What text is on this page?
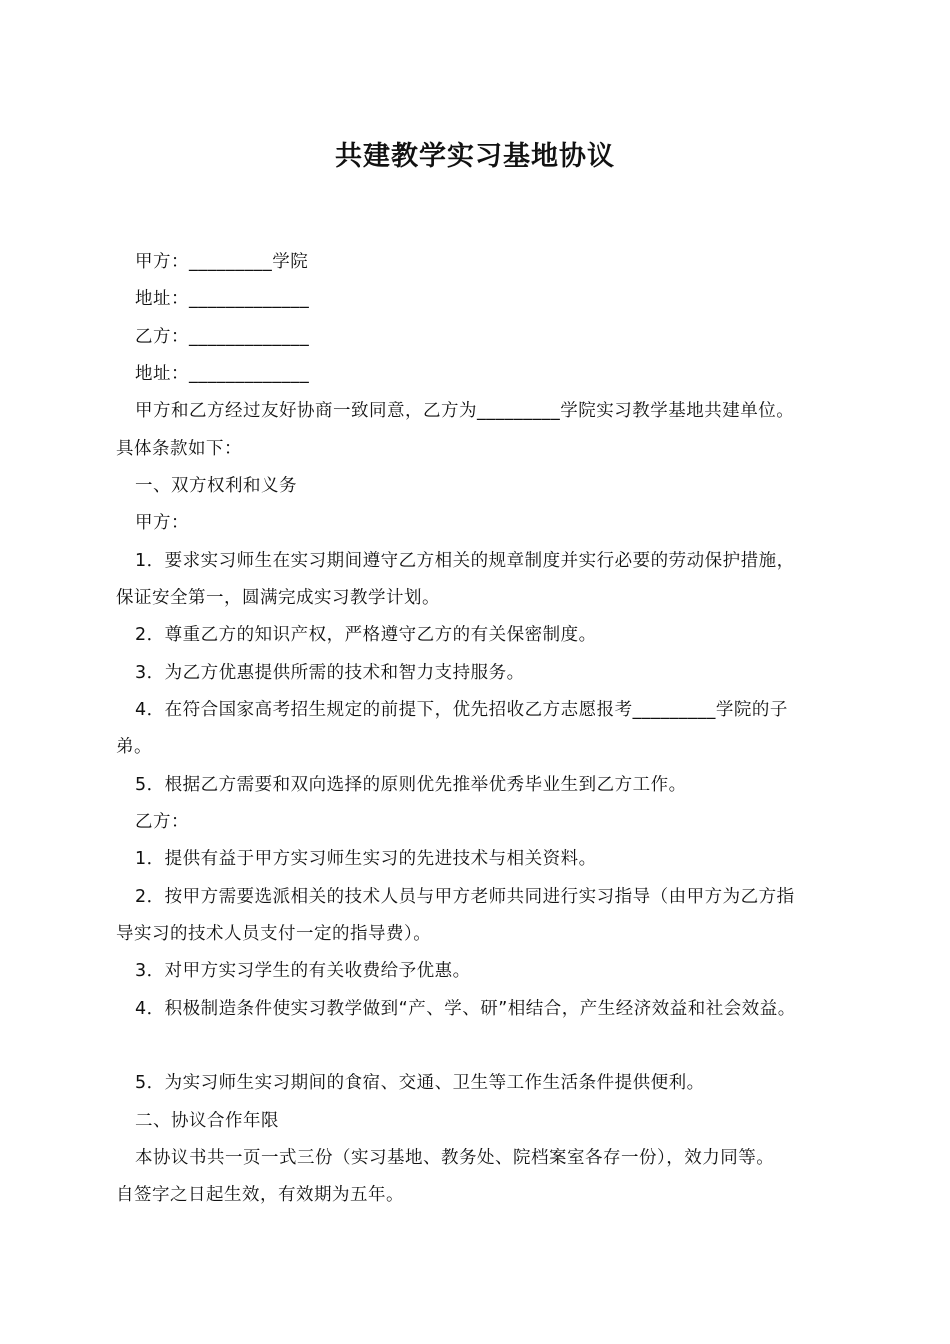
共建教学实习基地协议
甲方：_________学院
地址：_____________
乙方：_____________
地址：_____________
甲方和乙方经过友好协商一致同意，乙方为_________学院实习教学基地共建单位。
具体条款如下：
一、双方权利和义务
甲方：
1．要求实习师生在实习期间遵守乙方相关的规章制度并实行必要的劳动保护措施，
保证安全第一，圆满完成实习教学计划。
2．尊重乙方的知识产权，严格遵守乙方的有关保密制度。
3．为乙方优惠提供所需的技术和智力支持服务。
4．在符合国家高考招生规定的前提下，优先招收乙方志愿报考_________学院的子
弟。
5．根据乙方需要和双向选择的原则优先推举优秀毕业生到乙方工作。
乙方：
1．提供有益于甲方实习师生实习的先进技术与相关资料。
2．按甲方需要选派相关的技术人员与甲方老师共同进行实习指导（由甲方为乙方指
导实习的技术人员支付一定的指导费）。
3．对甲方实习学生的有关收费给予优惠。
4．积极制造条件使实习教学做到“产、学、研”相结合，产生经济效益和社会效益。
5．为实习师生实习期间的食宿、交通、卫生等工作生活条件提供便利。
二、协议合作年限
本协议书共一页一式三份（实习基地、教务处、院档案室各存一份），效力同等。
自签字之日起生效，有效期为五年。
